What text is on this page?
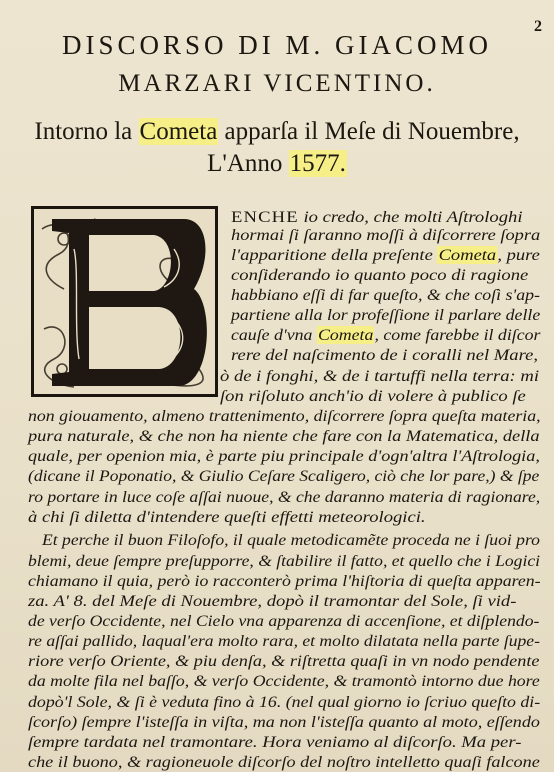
2
DISCORSO DI M. GIACOMO
MARZARI VICENTINO.
Intorno la Cometa apparſa il Meſe di Nouembre,
L'Anno 1577.
ENCHE io credo, che molti Aſtrologhi
hormai ſi ſaranno moſſi à diſcorrere ſopra
l'apparitione della preſente Cometa, pure
conſiderando io quanto poco di ragione
habbiano eſſi di far queſto, & che coſì s'ap-
partiene alla lor profeſſione il parlare delle
cauſe d'vna Cometa, come farebbe il diſcor
rere del naſcimento de i coralli nel Mare,
ò de i fonghi, & de i tartuffi nella terra: mi
ſon riſoluto anch'io di volere à publico ſe
non giouamento, almeno trattenimento, diſcorrere ſopra queſta materia,
pura naturale, & che non ha niente che fare con la Matematica, della
quale, per openion mia, è parte piu principale d'ogn'altra l'Aſtrologia,
(dicane il Poponatio, & Giulio Ceſare Scaligero, ciò che lor pare,) & ſpe
ro portare in luce coſe aſſai nuoue, & che daranno materia di ragionare,
à chi ſi diletta d'intendere queſti effetti meteorologici.
Et perche il buon Filoſofo, il quale metodicamẽte proceda ne i ſuoi pro
blemi, deue ſempre preſupporre, & ſtabilire il fatto, et quello che i Logici
chiamano il quia, però io racconterò prima l'hiſtoria di queſta apparen-
za. A' 8. del Meſe di Nouembre, dopò il tramontar del Sole, ſi vid-
de verſo Occidente, nel Cielo vna apparenza di accenſione, et diſplendo-
re aſſai pallido, laqual'era molto rara, et molto dilatata nella parte ſupe-
riore verſo Oriente, & piu denſa, & riſtretta quaſi in vn nodo pendente
da molte fila nel baſſo, & verſo Occidente, & tramontò intorno due hore
dopò'l Sole, & ſi è veduta fino à 16. (nel qual giorno io ſcriuo queſto di-
ſcorſo) ſempre l'isteſſa in viſta, ma non l'isteſſa quanto al moto, eſſendo
ſempre tardata nel tramontare. Hora veniamo al diſcorſo. Ma per-
che il buono, & ragioneuole diſcorſo del noſtro intelletto quaſi falcone
